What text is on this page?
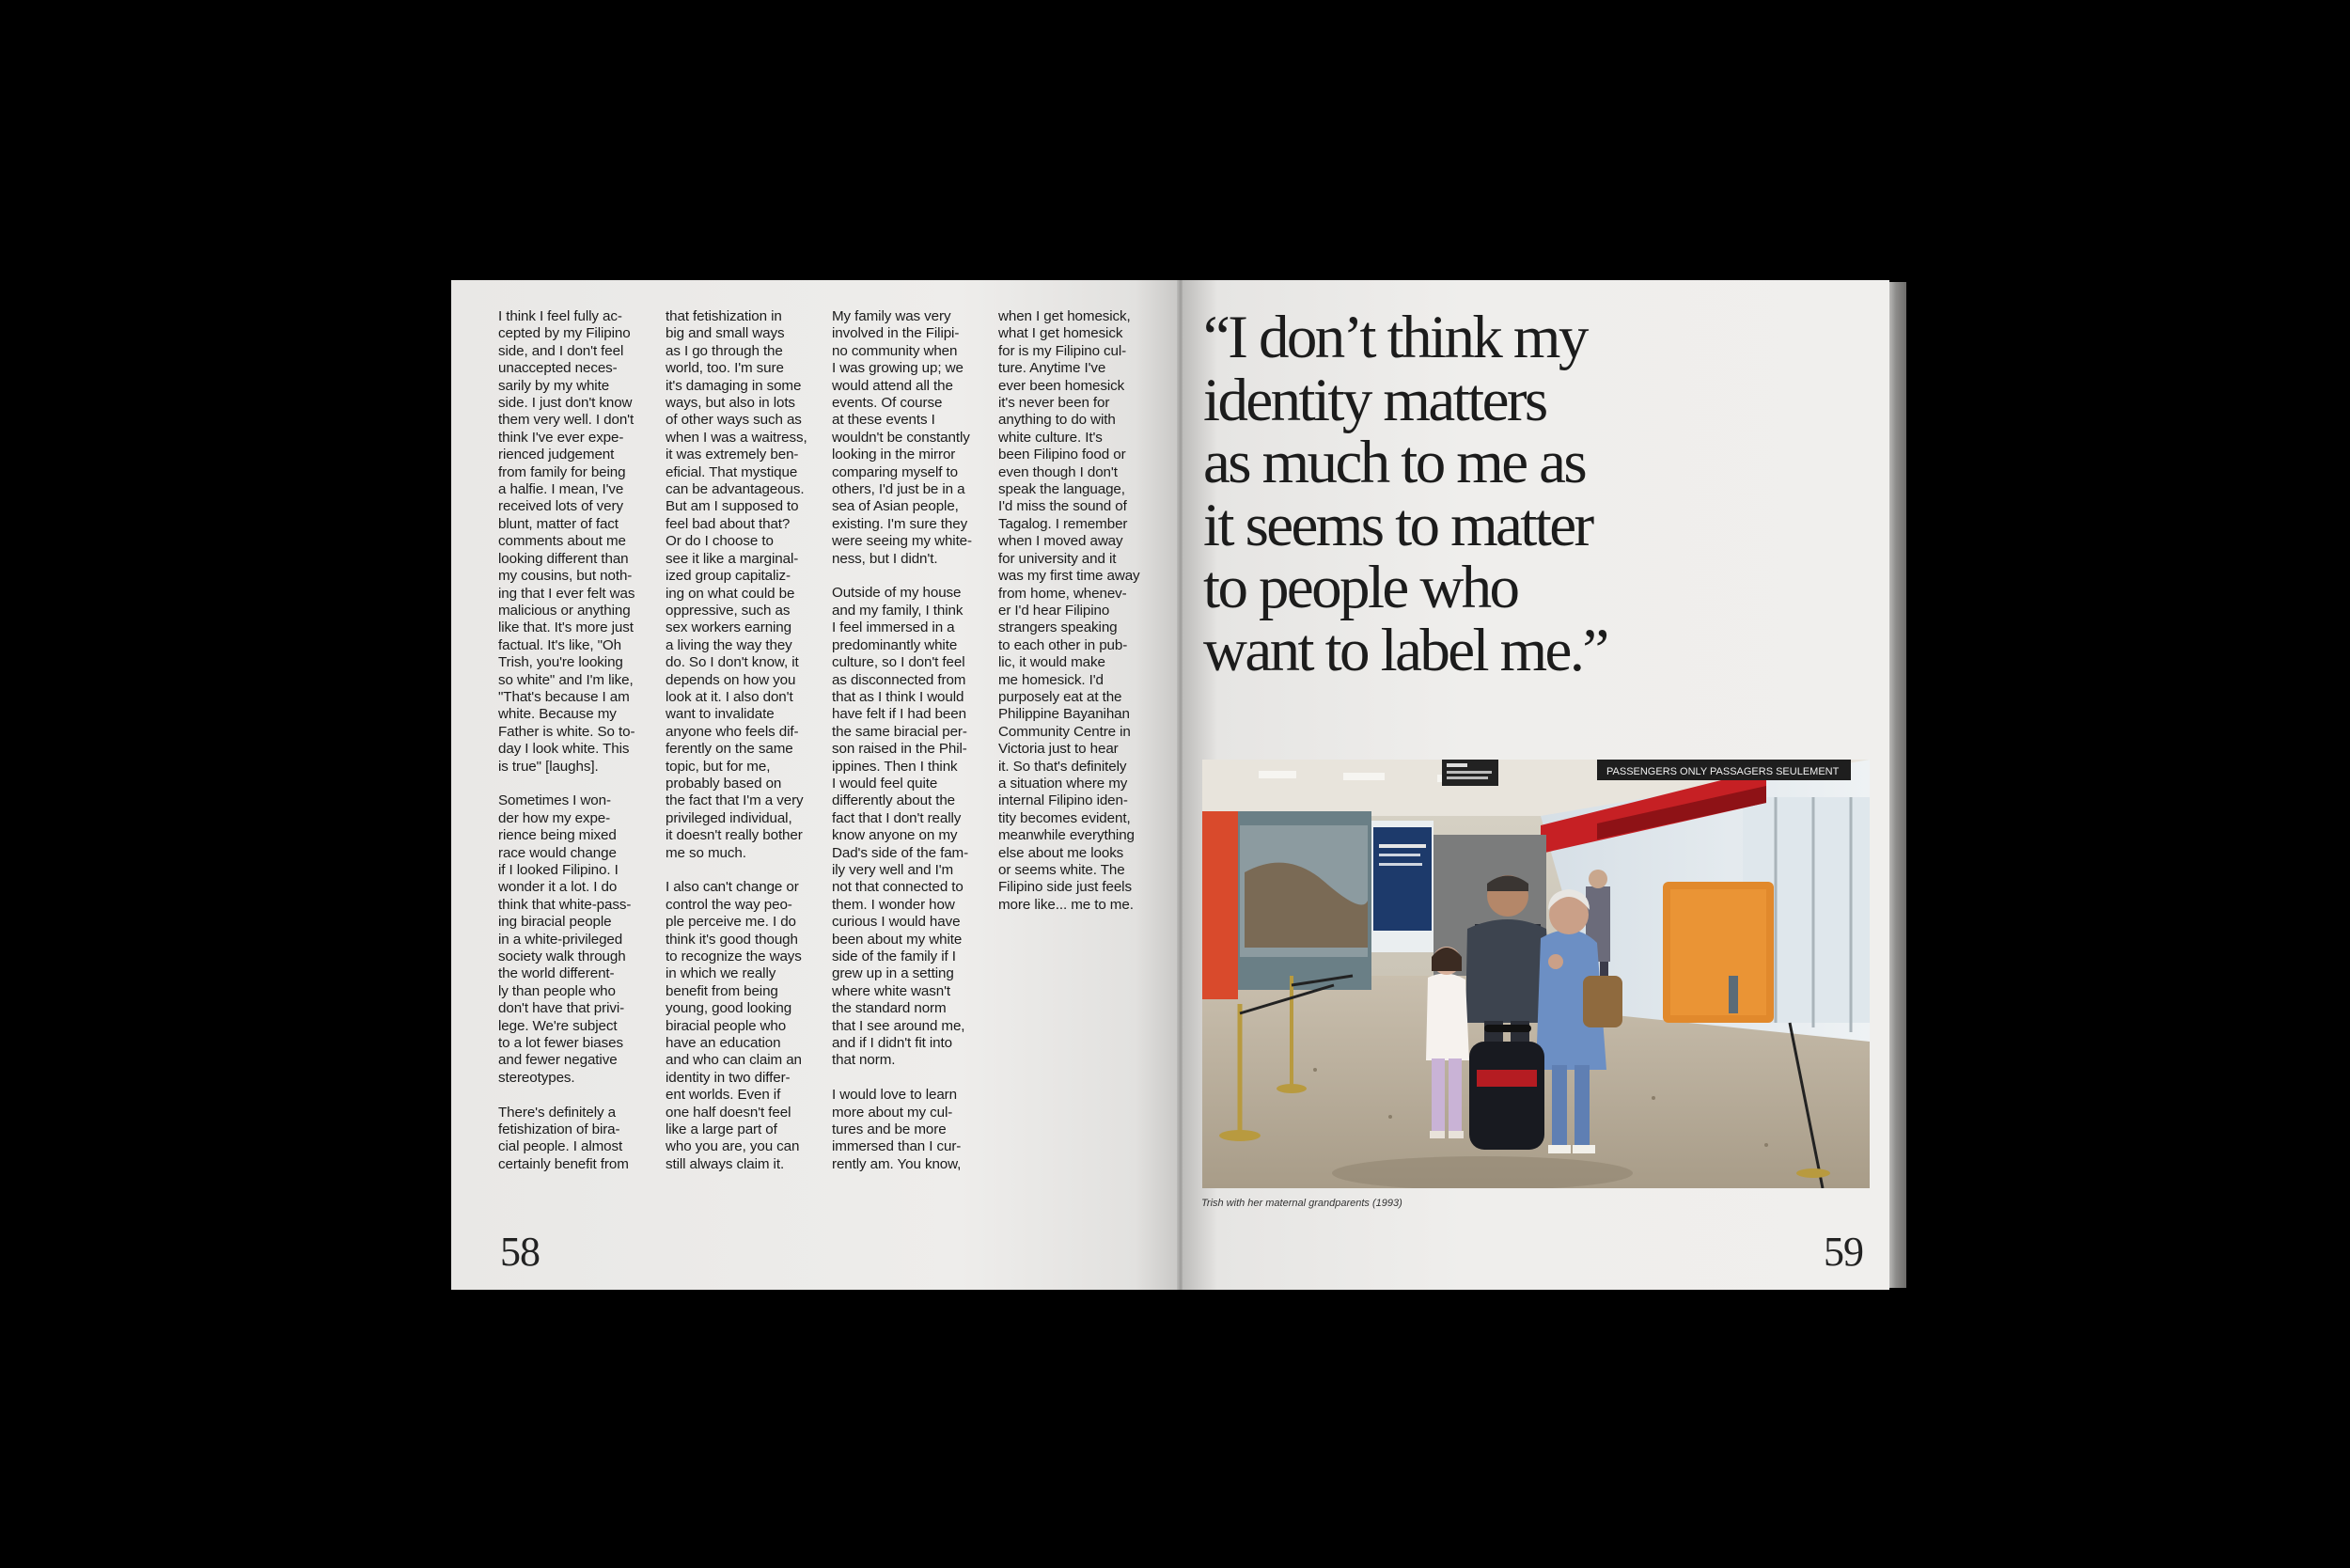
I think I feel fully ac-
cepted by my Filipino
side, and I don't feel
unaccepted neces-
sarily by my white
side. I just don't know
them very well. I don't
think I've ever expe-
rienced judgement
from family for being
a halfie. I mean, I've
received lots of very
blunt, matter of fact
comments about me
looking different than
my cousins, but noth-
ing that I ever felt was
malicious or anything
like that. It's more just
factual. It's like, "Oh
Trish, you're looking
so white" and I'm like,
"That's because I am
white. Because my
Father is white. So to-
day I look white. This
is true" [laughs].

Sometimes I won-
der how my expe-
rience being mixed
race would change
if I looked Filipino. I
wonder it a lot. I do
think that white-pass-
ing biracial people
in a white-privileged
society walk through
the world different-
ly than people who
don't have that privi-
lege. We're subject
to a lot fewer biases
and fewer negative
stereotypes.

There's definitely a
fetishization of bira-
cial people. I almost
certainly benefit from

that fetishization in
big and small ways
as I go through the
world, too. I'm sure
it's damaging in some
ways, but also in lots
of other ways such as
when I was a waitress,
it was extremely ben-
eficial. That mystique
can be advantageous.
But am I supposed to
feel bad about that?
Or do I choose to
see it like a marginal-
ized group capitaliz-
ing on what could be
oppressive, such as
sex workers earning
a living the way they
do. So I don't know, it
depends on how you
look at it. I also don't
want to invalidate
anyone who feels dif-
ferently on the same
topic, but for me,
probably based on
the fact that I'm a very
privileged individual,
it doesn't really bother
me so much.

I also can't change or
control the way peo-
ple perceive me. I do
think it's good though
to recognize the ways
in which we really
benefit from being
young, good looking
biracial people who
have an education
and who can claim an
identity in two differ-
ent worlds. Even if
one half doesn't feel
like a large part of
who you are, you can
still always claim it.

My family was very
involved in the Filipi-
no community when
I was growing up; we
would attend all the
events. Of course
at these events I
wouldn't be constantly
looking in the mirror
comparing myself to
others, I'd just be in a
sea of Asian people,
existing. I'm sure they
were seeing my white-
ness, but I didn't.

Outside of my house
and my family, I think
I feel immersed in a
predominantly white
culture, so I don't feel
as disconnected from
that as I think I would
have felt if I had been
the same biracial per-
son raised in the Phil-
ippines. Then I think
I would feel quite
differently about the
fact that I don't really
know anyone on my
Dad's side of the fam-
ily very well and I'm
not that connected to
them. I wonder how
curious I would have
been about my white
side of the family if I
grew up in a setting
where white wasn't
the standard norm
that I see around me,
and if I didn't fit into
that norm.

I would love to learn
more about my cul-
tures and be more
immersed than I cur-
rently am. You know,

when I get homesick,
what I get homesick
for is my Filipino cul-
ture. Anytime I've
ever been homesick
it's never been for
anything to do with
white culture. It's
been Filipino food or
even though I don't
speak the language,
I'd miss the sound of
Tagalog. I remember
when I moved away
for university and it
was my first time away
from home, whenev-
er I'd hear Filipino
strangers speaking
to each other in pub-
lic, it would make
me homesick. I'd
purposely eat at the
Philippine Bayanihan
Community Centre in
Victoria just to hear
it. So that's definitely
a situation where my
internal Filipino iden-
tity becomes evident,
meanwhile everything
else about me looks
or seems white. The
Filipino side just feels
more like... me to me.

58
“I don’t think my
identity matters
as much to me as
it seems to matter
to people who
want to label me.”
PASSENGERS ONLY PASSAGERS SEULEMENT
Trish with her maternal grandparents (1993)
59
